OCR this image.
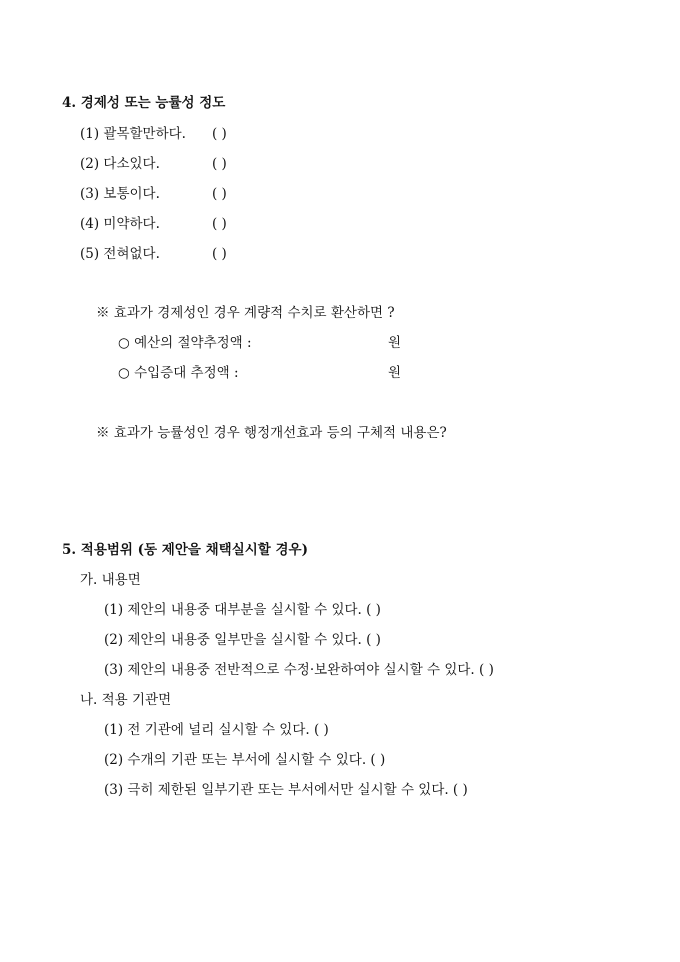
4. 경제성 또는 능률성 정도
(1) 괄목할만하다. ( )
(2) 다소있다.	( )
(3) 보통이다.	( )
(4) 미약하다.	( )
(5) 전혀없다.	( )
※ 효과가 경제성인 경우 계량적 수치로 환산하면 ?
○ 예산의 절약추정액 :	원
○ 수입증대 추정액 :	원
※ 효과가 능률성인 경우 행정개선효과 등의 구체적 내용은?
5. 적용범위 (동 제안을 채택실시할 경우)
가. 내용면
(1) 제안의 내용중 대부분을 실시할 수 있다. ( )
(2) 제안의 내용중 일부만을 실시할 수 있다. ( )
(3) 제안의 내용중 전반적으로 수정·보완하여야 실시할 수 있다. ( )
나. 적용 기관면
(1) 전 기관에 널리 실시할 수 있다. ( )
(2) 수개의 기관 또는 부서에 실시할 수 있다. ( )
(3) 극히 제한된 일부기관 또는 부서에서만 실시할 수 있다. ( )
